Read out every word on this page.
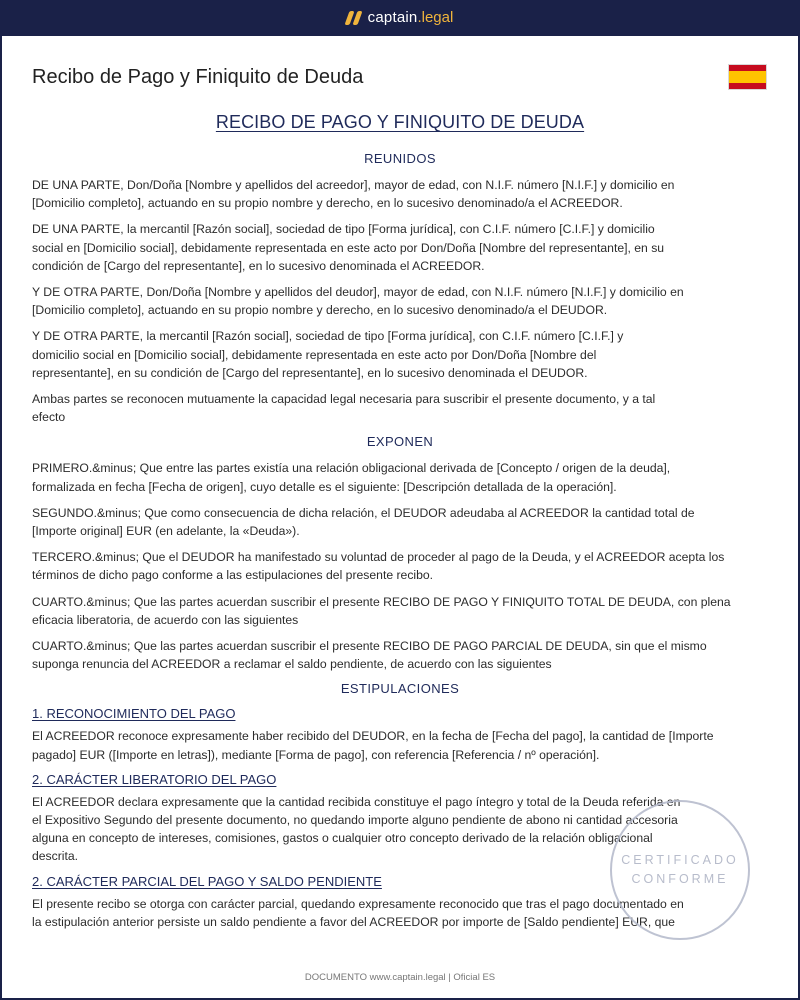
captain.legal
Recibo de Pago y Finiquito de Deuda
RECIBO DE PAGO Y FINIQUITO DE DEUDA
REUNIDOS
DE UNA PARTE, Don/Doña [Nombre y apellidos del acreedor], mayor de edad, con N.I.F. número [N.I.F.] y domicilio en
[Domicilio completo], actuando en su propio nombre y derecho, en lo sucesivo denominado/a el ACREEDOR.
DE UNA PARTE, la mercantil [Razón social], sociedad de tipo [Forma jurídica], con C.I.F. número [C.I.F.] y domicilio
social en [Domicilio social], debidamente representada en este acto por Don/Doña [Nombre del representante], en su
condición de [Cargo del representante], en lo sucesivo denominada el ACREEDOR.
Y DE OTRA PARTE, Don/Doña [Nombre y apellidos del deudor], mayor de edad, con N.I.F. número [N.I.F.] y domicilio en
[Domicilio completo], actuando en su propio nombre y derecho, en lo sucesivo denominado/a el DEUDOR.
Y DE OTRA PARTE, la mercantil [Razón social], sociedad de tipo [Forma jurídica], con C.I.F. número [C.I.F.] y
domicilio social en [Domicilio social], debidamente representada en este acto por Don/Doña [Nombre del
representante], en su condición de [Cargo del representante], en lo sucesivo denominada el DEUDOR.
Ambas partes se reconocen mutuamente la capacidad legal necesaria para suscribir el presente documento, y a tal
efecto
EXPONEN
PRIMERO.&minus; Que entre las partes existía una relación obligacional derivada de [Concepto / origen de la deuda],
formalizada en fecha [Fecha de origen], cuyo detalle es el siguiente: [Descripción detallada de la operación].
SEGUNDO.&minus; Que como consecuencia de dicha relación, el DEUDOR adeudaba al ACREEDOR la cantidad total de
[Importe original] EUR (en adelante, la «Deuda»).
TERCERO.&minus; Que el DEUDOR ha manifestado su voluntad de proceder al pago de la Deuda, y el ACREEDOR acepta los
términos de dicho pago conforme a las estipulaciones del presente recibo.
CUARTO.&minus; Que las partes acuerdan suscribir el presente RECIBO DE PAGO Y FINIQUITO TOTAL DE DEUDA, con plena
eficacia liberatoria, de acuerdo con las siguientes
CUARTO.&minus; Que las partes acuerdan suscribir el presente RECIBO DE PAGO PARCIAL DE DEUDA, sin que el mismo
suponga renuncia del ACREEDOR a reclamar el saldo pendiente, de acuerdo con las siguientes
ESTIPULACIONES
1. RECONOCIMIENTO DEL PAGO
El ACREEDOR reconoce expresamente haber recibido del DEUDOR, en la fecha de [Fecha del pago], la cantidad de [Importe
pagado] EUR ([Importe en letras]), mediante [Forma de pago], con referencia [Referencia / nº operación].
2. CARÁCTER LIBERATORIO DEL PAGO
El ACREEDOR declara expresamente que la cantidad recibida constituye el pago íntegro y total de la Deuda referida en
el Expositivo Segundo del presente documento, no quedando importe alguno pendiente de abono ni cantidad accesoria
alguna en concepto de intereses, comisiones, gastos o cualquier otro concepto derivado de la relación obligacional
descrita.
2. CARÁCTER PARCIAL DEL PAGO Y SALDO PENDIENTE
El presente recibo se otorga con carácter parcial, quedando expresamente reconocido que tras el pago documentado en
la estipulación anterior persiste un saldo pendiente a favor del ACREEDOR por importe de [Saldo pendiente] EUR, que
CERTIFICADO
CONFORME
DOCUMENTO www.captain.legal | Oficial ES
